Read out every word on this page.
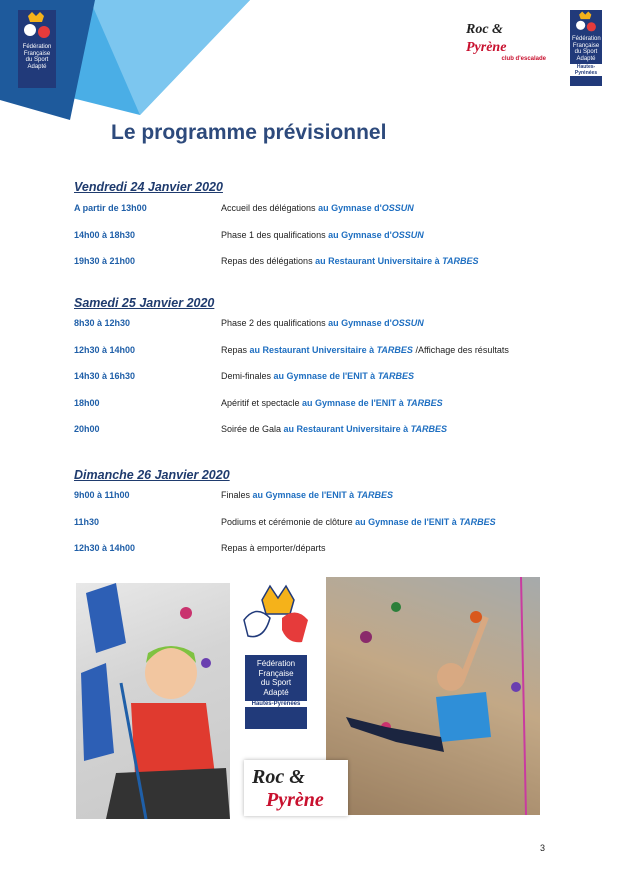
Fédération
Française
du Sport
Adapté
Roc & Pyrène
club d'escalade
Fédération
Française
du Sport
Adapté
Hautes-Pyrénées
Le programme prévisionnel
Vendredi 24 Janvier 2020
A partir de 13h00	Accueil des délégations au Gymnase d'OSSUN
14h00 à 18h30	Phase 1 des qualifications au Gymnase d'OSSUN
19h30 à 21h00	Repas des délégations au Restaurant Universitaire à TARBES
Samedi 25 Janvier 2020
8h30 à 12h30	Phase 2 des qualifications au Gymnase d'OSSUN
12h30 à 14h00	Repas au Restaurant Universitaire à TARBES /Affichage des résultats
14h30 à 16h30	Demi-finales au Gymnase de l'ENIT à TARBES
18h00	Apéritif et spectacle au Gymnase de l'ENIT à TARBES
20h00	Soirée de Gala au Restaurant Universitaire à TARBES
Dimanche 26 Janvier 2020
9h00 à 11h00	Finales au Gymnase de l'ENIT à TARBES
11h30	Podiums et cérémonie de clôture au Gymnase de l'ENIT à TARBES
12h30 à 14h00	Repas à emporter/départs
Fédération
Française
du Sport
Adapté
Hautes-Pyrénées
Roc &
Pyrène
3
